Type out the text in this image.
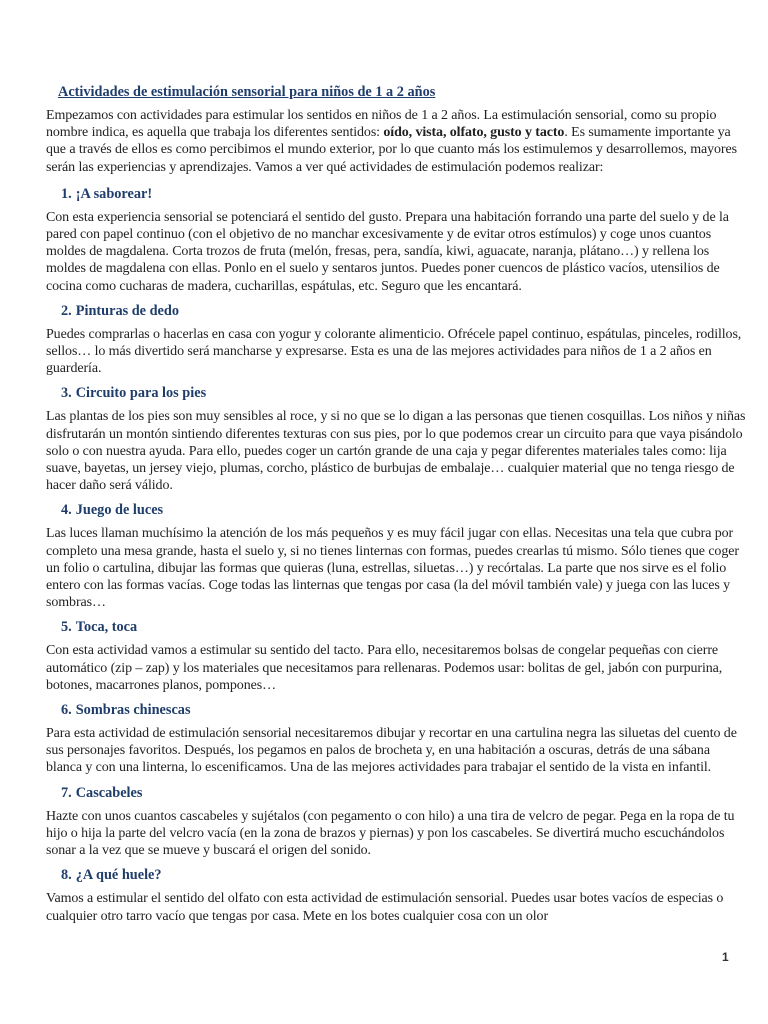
Actividades de estimulación sensorial para niños de 1 a 2 años

Empezamos con actividades para estimular los sentidos en niños de 1 a 2 años. La estimulación sensorial, como su propio nombre indica, es aquella que trabaja los diferentes sentidos: oído, vista, olfato, gusto y tacto. Es sumamente importante ya que a través de ellos es como percibimos el mundo exterior, por lo que cuanto más los estimulemos y desarrollemos, mayores serán las experiencias y aprendizajes. Vamos a ver qué actividades de estimulación podemos realizar:

1. ¡A saborear!

Con esta experiencia sensorial se potenciará el sentido del gusto. Prepara una habitación forrando una parte del suelo y de la pared con papel continuo (con el objetivo de no manchar excesivamente y de evitar otros estímulos) y coge unos cuantos moldes de magdalena. Corta trozos de fruta (melón, fresas, pera, sandía, kiwi, aguacate, naranja, plátano…) y rellena los moldes de magdalena con ellas. Ponlo en el suelo y sentaros juntos. Puedes poner cuencos de plástico vacíos, utensilios de cocina como cucharas de madera, cucharillas, espátulas, etc. Seguro que les encantará.

2. Pinturas de dedo

Puedes comprarlas o hacerlas en casa con yogur y colorante alimenticio. Ofrécele papel continuo, espátulas, pinceles, rodillos, sellos… lo más divertido será mancharse y expresarse. Esta es una de las mejores actividades para niños de 1 a 2 años en guardería.

3. Circuito para los pies

Las plantas de los pies son muy sensibles al roce, y si no que se lo digan a las personas que tienen cosquillas. Los niños y niñas disfrutarán un montón sintiendo diferentes texturas con sus pies, por lo que podemos crear un circuito para que vaya pisándolo solo o con nuestra ayuda. Para ello, puedes coger un cartón grande de una caja y pegar diferentes materiales tales como: lija suave, bayetas, un jersey viejo, plumas, corcho, plástico de burbujas de embalaje… cualquier material que no tenga riesgo de hacer daño será válido.

4. Juego de luces

Las luces llaman muchísimo la atención de los más pequeños y es muy fácil jugar con ellas. Necesitas una tela que cubra por completo una mesa grande, hasta el suelo y, si no tienes linternas con formas, puedes crearlas tú mismo. Sólo tienes que coger un folio o cartulina, dibujar las formas que quieras (luna, estrellas, siluetas…) y recórtalas. La parte que nos sirve es el folio entero con las formas vacías. Coge todas las linternas que tengas por casa (la del móvil también vale) y juega con las luces y sombras…

5. Toca, toca

Con esta actividad vamos a estimular su sentido del tacto. Para ello, necesitaremos bolsas de congelar pequeñas con cierre automático (zip – zap) y los materiales que necesitamos para rellenaras. Podemos usar: bolitas de gel, jabón con purpurina, botones, macarrones planos, pompones…

6. Sombras chinescas

Para esta actividad de estimulación sensorial necesitaremos dibujar y recortar en una cartulina negra las siluetas del cuento de sus personajes favoritos. Después, los pegamos en palos de brocheta y, en una habitación a oscuras, detrás de una sábana blanca y con una linterna, lo escenificamos. Una de las mejores actividades para trabajar el sentido de la vista en infantil.

7. Cascabeles

Hazte con unos cuantos cascabeles y sujétalos (con pegamento o con hilo) a una tira de velcro de pegar. Pega en la ropa de tu hijo o hija la parte del velcro vacía (en la zona de brazos y piernas) y pon los cascabeles. Se divertirá mucho escuchándolos sonar a la vez que se mueve y buscará el origen del sonido.

8. ¿A qué huele?

Vamos a estimular el sentido del olfato con esta actividad de estimulación sensorial. Puedes usar botes vacíos de especias o cualquier otro tarro vacío que tengas por casa. Mete en los botes cualquier cosa con un olor

1
